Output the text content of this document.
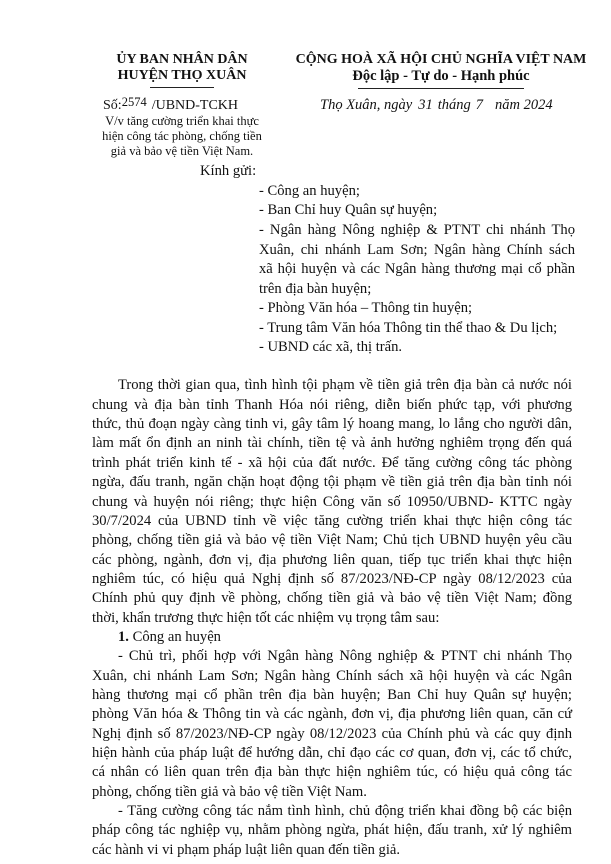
ỦY BAN NHÂN DÂN
HUYỆN THỌ XUÂN
Số:2574 /UBND-TCKH
V/v tăng cường triển khai thực
hiện công tác phòng, chống tiền
giả và bảo vệ tiền Việt Nam.
CỘNG HOÀ XÃ HỘI CHỦ NGHĨA VIỆT NAM
Độc lập - Tự do - Hạnh phúc
Thọ Xuân, ngày 31 tháng 7 năm 2024
Kính gửi:
- Công an huyện;
- Ban Chỉ huy Quân sự huyện;
- Ngân hàng Nông nghiệp & PTNT chi nhánh Thọ
Xuân, chi nhánh Lam Sơn; Ngân hàng Chính sách
xã hội huyện và các Ngân hàng thương mại cổ phần
trên địa bàn huyện;
- Phòng Văn hóa – Thông tin huyện;
- Trung tâm Văn hóa Thông tin thể thao & Du lịch;
- UBND các xã, thị trấn.
Trong thời gian qua, tình hình tội phạm về tiền giả trên địa bàn cả nước nói
chung và địa bàn tỉnh Thanh Hóa nói riêng, diễn biến phức tạp, với phương
thức, thủ đoạn ngày càng tinh vi, gây tâm lý hoang mang, lo lắng cho người dân,
làm mất ổn định an ninh tài chính, tiền tệ và ảnh hưởng nghiêm trọng đến quá
trình phát triển kinh tế - xã hội của đất nước. Để tăng cường công tác phòng
ngừa, đấu tranh, ngăn chặn hoạt động tội phạm về tiền giả trên địa bàn tỉnh nói
chung và huyện nói riêng; thực hiện Công văn số 10950/UBND- KTTC ngày
30/7/2024 của UBND tỉnh về việc tăng cường triển khai thực hiện công tác
phòng, chống tiền giả và bảo vệ tiền Việt Nam; Chủ tịch UBND huyện yêu cầu
các phòng, ngành, đơn vị, địa phương liên quan, tiếp tục triển khai thực hiện
nghiêm túc, có hiệu quả Nghị định số 87/2023/NĐ-CP ngày 08/12/2023 của
Chính phủ quy định về phòng, chống tiền giả và bảo vệ tiền Việt Nam; đồng
thời, khẩn trương thực hiện tốt các nhiệm vụ trọng tâm sau:
1. Công an huyện
- Chủ trì, phối hợp với Ngân hàng Nông nghiệp & PTNT chi nhánh Thọ
Xuân, chi nhánh Lam Sơn; Ngân hàng Chính sách xã hội huyện và các Ngân
hàng thương mại cổ phần trên địa bàn huyện; Ban Chỉ huy Quân sự huyện;
phòng Văn hóa & Thông tin và các ngành, đơn vị, địa phương liên quan, căn cứ
Nghị định số 87/2023/NĐ-CP ngày 08/12/2023 của Chính phủ và các quy định
hiện hành của pháp luật để hướng dẫn, chỉ đạo các cơ quan, đơn vị, các tổ chức,
cá nhân có liên quan trên địa bàn thực hiện nghiêm túc, có hiệu quả công tác
phòng, chống tiền giả và bảo vệ tiền Việt Nam.
- Tăng cường công tác nắm tình hình, chủ động triển khai đồng bộ các biện
pháp công tác nghiệp vụ, nhằm phòng ngừa, phát hiện, đấu tranh, xử lý nghiêm
các hành vi vi phạm pháp luật liên quan đến tiền giả.
